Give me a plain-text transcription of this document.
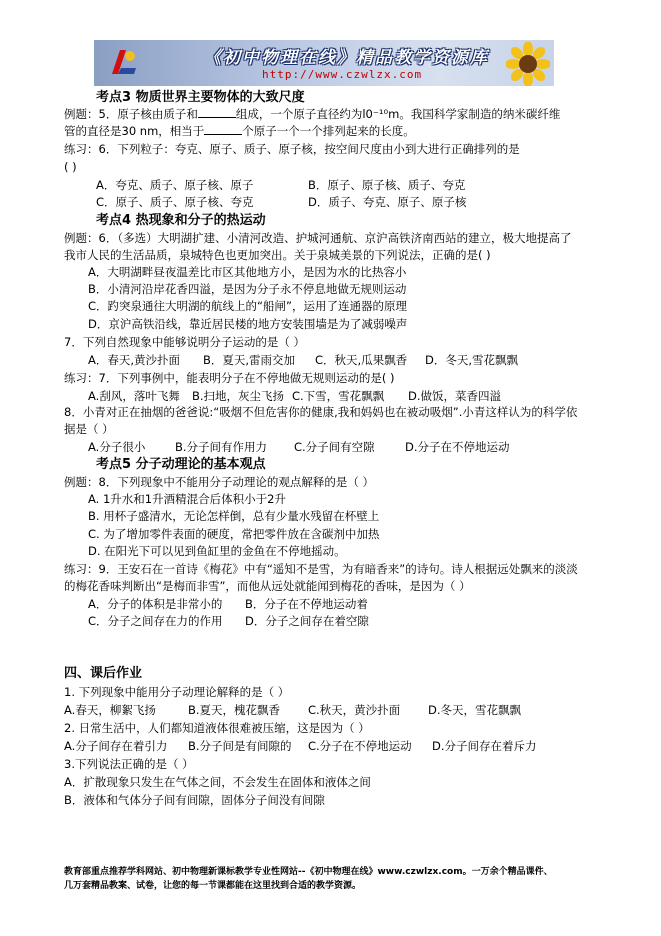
《初中物理在线》精品教学资源库
http://www.czwlzx.com
考点3 物质世界主要物体的大致尺度
例题：5．原子核由质子和	组成，一个原子直径约为l0⁻¹⁰m。我国科学家制造的纳米碳纤维
管的直径是30 nm，相当于	个原子一个一个排列起来的长度。
练习：6．下列粒子：夸克、原子、质子、原子核，按空间尺度由小到大进行正确排列的是
( )
A．夸克、质子、原子核、原子	B．原子、原子核、质子、夸克
C．原子、质子、原子核、夸克	D．质子、夸克、原子、原子核
考点4 热现象和分子的热运动
例题：6．（多选）大明湖扩建、小清河改造、护城河通航、京沪高铁济南西站的建立，极大地提高了
我市人民的生活品质，泉城特色也更加突出。关于泉城美景的下列说法，正确的是( )
A．大明湖畔昼夜温差比市区其他地方小，是因为水的比热容小
B．小清河沿岸花香四溢，是因为分子永不停息地做无规则运动
C．趵突泉通往大明湖的航线上的“船闸”，运用了连通器的原理
D．京沪高铁沿线，靠近居民楼的地方安装围墙是为了减弱噪声
7．下列自然现象中能够说明分子运动的是（ ）
A．春天,黄沙扑面 B．夏天,雷雨交加 C．秋天,瓜果飘香 D．冬天,雪花飘飘
练习：7．下列事例中，能表明分子在不停地做无规则运动的是( )
A.刮风，落叶飞舞 B.扫地，灰尘飞扬 C.下雪，雪花飘飘 D.做饭，菜香四溢
8．小青对正在抽烟的爸爸说:“吸烟不但危害你的健康,我和妈妈也在被动吸烟”.小青这样认为的科学依
据是（ ）
A.分子很小	B.分子间有作用力 C.分子间有空隙	D.分子在不停地运动
考点5 分子动理论的基本观点
例题：8．下列现象中不能用分子动理论的观点解释的是（ ）
A. 1升水和1升酒精混合后体积小于2升
B. 用杯子盛清水，无论怎样倒，总有少量水残留在杯壁上
C. 为了增加零件表面的硬度，常把零件放在含碳剂中加热
D. 在阳光下可以见到鱼缸里的金鱼在不停地摇动。
练习：9．王安石在一首诗《梅花》中有“遥知不是雪，为有暗香来”的诗句。诗人根据远处飘来的淡淡
的梅花香味判断出“是梅而非雪”，而他从远处就能闻到梅花的香味，是因为（ ）
A．分子的体积是非常小的 B．分子在不停地运动着
C．分子之间存在力的作用 D．分子之间存在着空隙
四、课后作业
1. 下列现象中能用分子动理论解释的是（ ）
A.春天，柳絮飞扬	B.夏天，槐花飘香 C.秋天，黄沙扑面 D.冬天，雪花飘飘
2. 日常生活中，人们都知道液体很难被压缩，这是因为（ ）
A.分子间存在着引力 B.分子间是有间隙的 C.分子在不停地运动 D.分子间存在着斥力
3.下列说法正确的是（ ）
A．扩散现象只发生在气体之间，不会发生在固体和液体之间
B．液体和气体分子间有间隙，固体分子间没有间隙
教育部重点推荐学科网站、初中物理新课标教学专业性网站--《初中物理在线》www.czwlzx.com。一万余个精品课件、
几万套精品教案、试卷，让您的每一节课都能在这里找到合适的教学资源。
